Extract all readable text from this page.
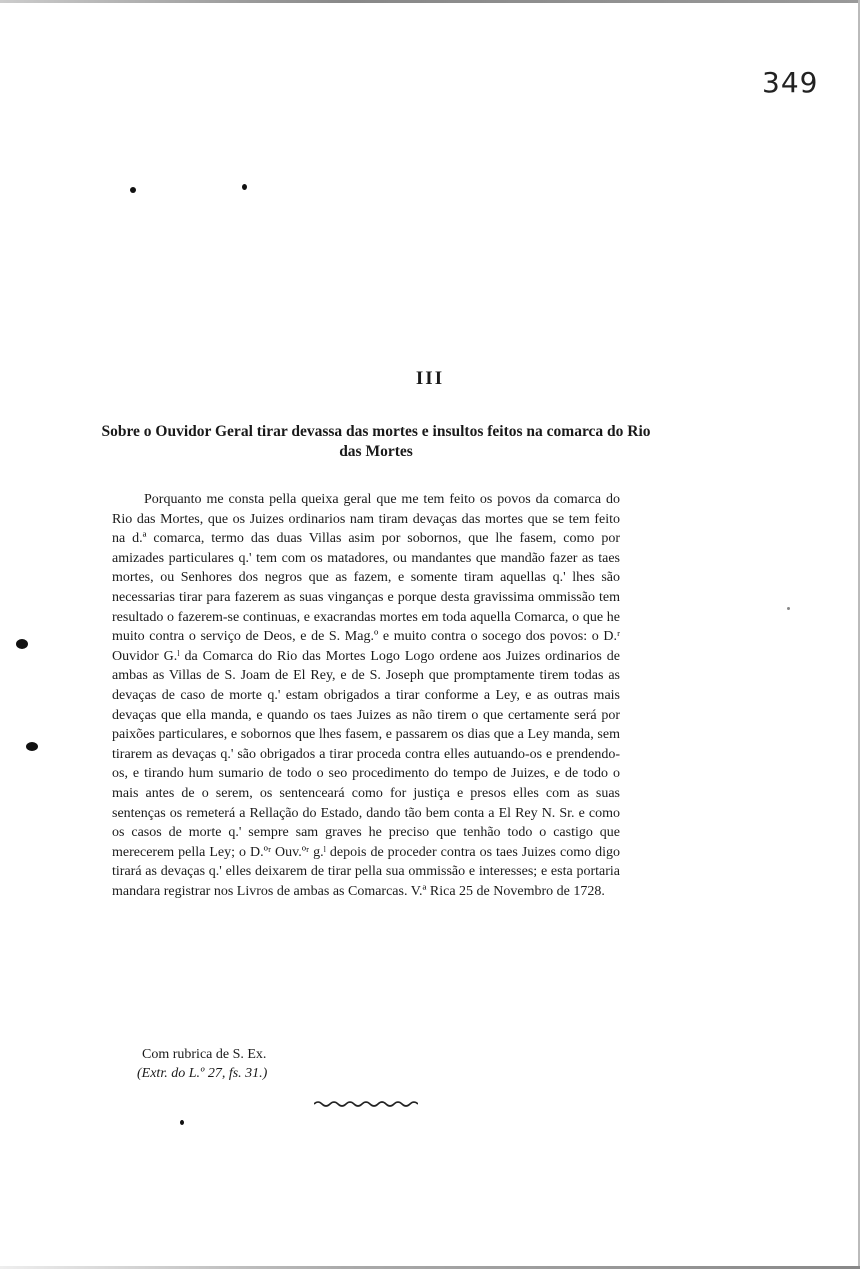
349
III
Sobre o Ouvidor Geral tirar devassa das mortes e insultos feitos na comarca do Rio das Mortes

Porquanto me consta pella queixa geral que me tem feito os povos da comarca do Rio das Mortes, que os Juizes ordinarios nam tiram devaças das mortes que se tem feito na d.ª comarca, termo das duas Villas asim por sobornos, que lhe fasem, como por amizades particulares q.' tem com os matadores, ou mandantes que mandão fazer as taes mortes, ou Senhores dos negros que as fazem, e somente tiram aquellas q.' lhes são necessarias tirar para fazerem as suas vinganças e porque desta gravissima ommissão tem resultado o fazerem-se continuas, e exacrandas mortes em toda aquella Comarca, o que he muito contra o serviço de Deos, e de S. Mag.º e muito contra o socego dos povos: o D.ʳ Ouvidor G.ˡ da Comarca do Rio das Mortes Logo Logo ordene aos Juizes ordinarios de ambas as Villas de S. Joam de El Rey, e de S. Joseph que promptamente tirem todas as devaças de caso de morte q.' estam obrigados a tirar conforme a Ley, e as outras mais devaças que ella manda, e quando os taes Juizes as não tirem o que certamente será por paixões particulares, e sobornos que lhes fasem, e passarem os dias que a Ley manda, sem tirarem as devaças q.' são obrigados a tirar proceda contra elles autuando-os e prendendo-os, e tirando hum sumario de todo o seo procedimento do tempo de Juizes, e de todo o mais antes de o serem, os sentenceará como for justiça e presos elles com as suas sentenças os remeterá a Rellação do Estado, dando tão bem conta a El Rey N. Sr. e como os casos de morte q.' sempre sam graves he preciso que tenhão todo o castigo que merecerem pella Ley; o D.ºʳ Ouv.ºʳ g.ˡ depois de proceder contra os taes Juizes como digo tirará as devaças q.' elles deixarem de tirar pella sua ommissão e interesses; e esta portaria mandara registrar nos Livros de ambas as Comarcas. V.ª Rica 25 de Novembro de 1728.

Com rubrica de S. Ex.
(Extr. do L.º 27, fs. 31.)
